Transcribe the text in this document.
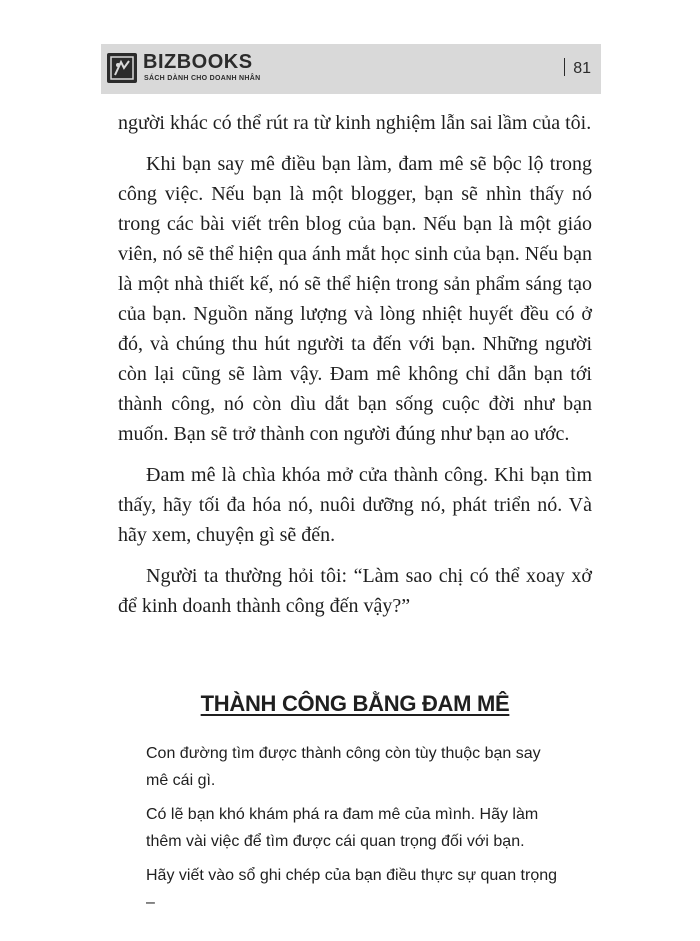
BIZBOOKS
SÁCH DÀNH CHO DOANH NHÂN
81

người khác có thể rút ra từ kinh nghiệm lẫn sai lầm của tôi.

Khi bạn say mê điều bạn làm, đam mê sẽ bộc lộ trong công việc. Nếu bạn là một blogger, bạn sẽ nhìn thấy nó trong các bài viết trên blog của bạn. Nếu bạn là một giáo viên, nó sẽ thể hiện qua ánh mắt học sinh của bạn. Nếu bạn là một nhà thiết kế, nó sẽ thể hiện trong sản phẩm sáng tạo của bạn. Nguồn năng lượng và lòng nhiệt huyết đều có ở đó, và chúng thu hút người ta đến với bạn. Những người còn lại cũng sẽ làm vậy. Đam mê không chỉ dẫn bạn tới thành công, nó còn dìu dắt bạn sống cuộc đời như bạn muốn. Bạn sẽ trở thành con người đúng như bạn ao ước.

Đam mê là chìa khóa mở cửa thành công. Khi bạn tìm thấy, hãy tối đa hóa nó, nuôi dưỡng nó, phát triển nó. Và hãy xem, chuyện gì sẽ đến.

Người ta thường hỏi tôi: “Làm sao chị có thể xoay xở để kinh doanh thành công đến vậy?”

THÀNH CÔNG BẰNG ĐAM MÊ

Con đường tìm được thành công còn tùy thuộc bạn say mê cái gì.

Có lẽ bạn khó khám phá ra đam mê của mình. Hãy làm thêm vài việc để tìm được cái quan trọng đối với bạn.

Hãy viết vào sổ ghi chép của bạn điều thực sự quan trọng –
